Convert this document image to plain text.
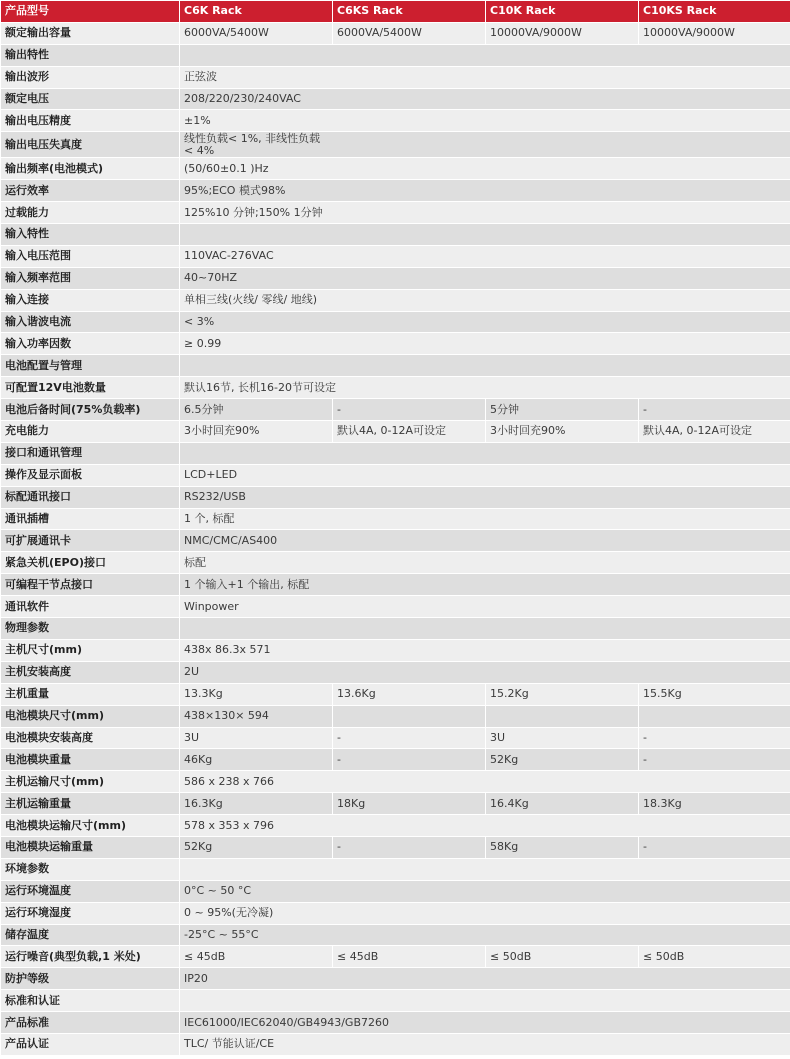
产品型号	C6K Rack	C6KS Rack	C10K Rack	C10KS Rack
额定输出容量	6000VA/5400W	6000VA/5400W	10000VA/9000W	10000VA/9000W
输出特性				
输出波形	正弦波			
额定电压	208/220/230/240VAC			
输出电压精度	±1%			
输出电压失真度	线性负载< 1%, 非线性负载 < 4%			

输出频率(电池模式)	(50/60±0.1 )Hz			
运行效率	95%;ECO 模式98%			
过载能力	125%10 分钟;150% 1分钟			
输入特性				
输入电压范围	110VAC-276VAC			
输入频率范围	40~70HZ			
输入连接	单相三线(火线/ 零线/ 地线)			
输入谐波电流	< 3%			
输入功率因数	≥ 0.99			
电池配置与管理				
可配置12V电池数量	默认16节, 长机16-20节可设定			
电池后备时间(75%负载率)	6.5分钟	-	5分钟	-
充电能力	3小时回充90%	默认4A, 0-12A可设定	3小时回充90%	默认4A, 0-12A可设定
接口和通讯管理				
操作及显示面板	LCD+LED			
标配通讯接口	RS232/USB			
通讯插槽	1 个, 标配			
可扩展通讯卡	NMC/CMC/AS400			
紧急关机(EPO)接口	标配			
可编程干节点接口	1 个输入+1 个输出, 标配			
通讯软件	Winpower			
物理参数				
主机尺寸(mm)	438x 86.3x 571			
主机安装高度	2U			
主机重量	13.3Kg	13.6Kg	15.2Kg	15.5Kg
电池模块尺寸(mm)	438×130× 594			
电池模块安装高度	3U	-	3U	-
电池模块重量	46Kg	-	52Kg	-
主机运输尺寸(mm)	586 x 238 x 766			
主机运输重量	16.3Kg	18Kg	16.4Kg	18.3Kg
电池模块运输尺寸(mm)	578 x 353 x 796			
电池模块运输重量	52Kg	-	58Kg	-
环境参数				
运行环境温度	0°C ~ 50 °C			
运行环境湿度	0 ~ 95%(无冷凝)			
储存温度	-25°C ~ 55°C			
运行噪音(典型负载,1 米处)	≤ 45dB	≤ 45dB	≤ 50dB	≤ 50dB
防护等级	IP20			
标准和认证				
产品标准	IEC61000/IEC62040/GB4943/GB7260			
产品认证	TLC/ 节能认证/CE			
